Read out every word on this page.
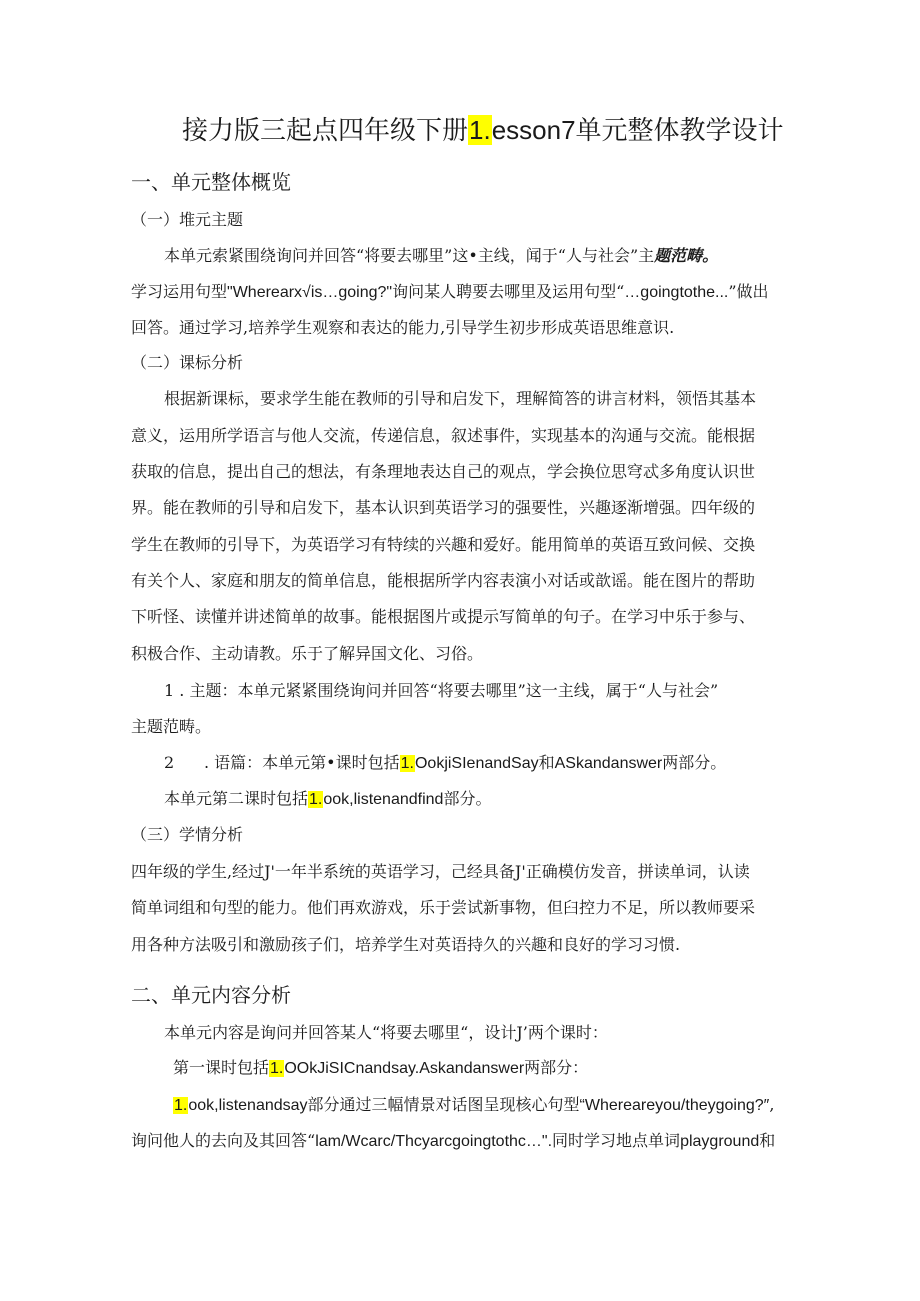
接力版三起点四年级下册1.esson7单元整体教学设计
一、单元整体概览
（一）堆元主题
本单元索紧围绕询问并回答“将要去哪里”这•主线，闻于“人与社会”主题范畴。
学习运用句型"Wherearx√is…going?"询问某人聘要去哪里及运用句型“…goingtothe...”做出
回答。通过学习,培养学生观察和表达的能力,引导学生初步形成英语思维意识.
（二）课标分析
根据新课标，要求学生能在教师的引导和启发下，理解简答的讲言材料，领悟其基本
意义，运用所学语言与他人交流，传递信息，叙述事件，实现基本的沟通与交流。能根据
获取的信息，提出自己的想法，有条理地表达自己的观点，学会换位思穹忒多角度认识世
界。能在教师的引导和启发下，基本认识到英语学习的强要性，兴趣逐渐增强。四年级的
学生在教师的引导下，为英语学习有特续的兴趣和爱好。能用简单的英语互致问候、交换
有关个人、家庭和朋友的简单信息，能根据所学内容表演小对话或歆谣。能在图片的帮助
下听怪、读懂并讲述简单的故事。能根据图片或提示写简单的句子。在学习中乐于参与、
积极合作、主动请教。乐于了解异国文化、习俗。
1 . 主题：本单元紧紧围绕询问并回答“将要去哪里”这一主线，属于“人与社会”
主题范畴。
2 . 语篇：本单元第•课时包括1.OokjiSIenandSay和ASkandanswer两部分。
本单元第二课时包括1.ook,listenandfind部分。
（三）学情分析
四年级的学生,经过J'一年半系统的英语学习，己经具备J'正确模仿发音，拼读单词，认读
简单词组和句型的能力。他们再欢游戏，乐于尝试新事物，但臼控力不足，所以教师要采
用各种方法吸引和激励孩子们，培养学生对英语持久的兴趣和良好的学习习惯.
二、单元内容分析
本单元内容是询问并回答某人“将要去哪里“，设计J’两个课时：
第一课时包括1.OOkJiSICnandsay.Askandanswer两部分：
1.ook,listenandsay部分通过三幅情景对话图呈现核心句型“Whereareyou/theygoing?″,
询问他人的去向及其回答“lam/Wcarc/Thcyarcgoingtothc…".同时学习地点单词playground和
